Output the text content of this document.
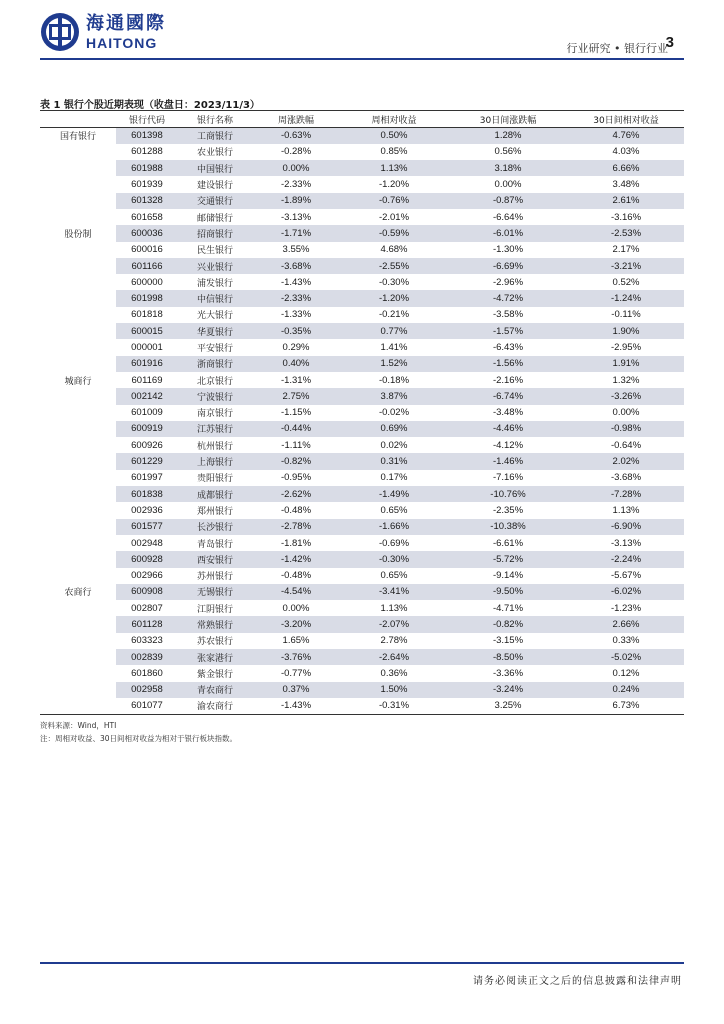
海通國際
HAITONG	行业研究 • 银行行业
3
表 1 银行个股近期表现（收盘日：2023/11/3）
	银行代码	银行名称	周涨跌幅	周相对收益	30日间涨跌幅	30日间相对收益
国有银行	601398	工商银行	-0.63%	0.50%	1.28%	4.76%
	601288	农业银行	-0.28%	0.85%	0.56%	4.03%
	601988	中国银行	0.00%	1.13%	3.18%	6.66%
	601939	建设银行	-2.33%	-1.20%	0.00%	3.48%
	601328	交通银行	-1.89%	-0.76%	-0.87%	2.61%
	601658	邮储银行	-3.13%	-2.01%	-6.64%	-3.16%
股份制	600036	招商银行	-1.71%	-0.59%	-6.01%	-2.53%
	600016	民生银行	3.55%	4.68%	-1.30%	2.17%
	601166	兴业银行	-3.68%	-2.55%	-6.69%	-3.21%
	600000	浦发银行	-1.43%	-0.30%	-2.96%	0.52%
	601998	中信银行	-2.33%	-1.20%	-4.72%	-1.24%
	601818	光大银行	-1.33%	-0.21%	-3.58%	-0.11%
	600015	华夏银行	-0.35%	0.77%	-1.57%	1.90%
	000001	平安银行	0.29%	1.41%	-6.43%	-2.95%
	601916	浙商银行	0.40%	1.52%	-1.56%	1.91%
城商行	601169	北京银行	-1.31%	-0.18%	-2.16%	1.32%
	002142	宁波银行	2.75%	3.87%	-6.74%	-3.26%
	601009	南京银行	-1.15%	-0.02%	-3.48%	0.00%
	600919	江苏银行	-0.44%	0.69%	-4.46%	-0.98%
	600926	杭州银行	-1.11%	0.02%	-4.12%	-0.64%
	601229	上海银行	-0.82%	0.31%	-1.46%	2.02%
	601997	贵阳银行	-0.95%	0.17%	-7.16%	-3.68%
	601838	成都银行	-2.62%	-1.49%	-10.76%	-7.28%
	002936	郑州银行	-0.48%	0.65%	-2.35%	1.13%
	601577	长沙银行	-2.78%	-1.66%	-10.38%	-6.90%
	002948	青岛银行	-1.81%	-0.69%	-6.61%	-3.13%
	600928	西安银行	-1.42%	-0.30%	-5.72%	-2.24%
	002966	苏州银行	-0.48%	0.65%	-9.14%	-5.67%
农商行	600908	无锡银行	-4.54%	-3.41%	-9.50%	-6.02%
	002807	江阴银行	0.00%	1.13%	-4.71%	-1.23%
	601128	常熟银行	-3.20%	-2.07%	-0.82%	2.66%
	603323	苏农银行	1.65%	2.78%	-3.15%	0.33%
	002839	张家港行	-3.76%	-2.64%	-8.50%	-5.02%
	601860	紫金银行	-0.77%	0.36%	-3.36%	0.12%
	002958	青农商行	0.37%	1.50%	-3.24%	0.24%
	601077	渝农商行	-1.43%	-0.31%	3.25%	6.73%
资料来源：Wind，HTI
注：周相对收益、30日间相对收益为相对于银行板块指数。
请务必阅读正文之后的信息披露和法律声明
